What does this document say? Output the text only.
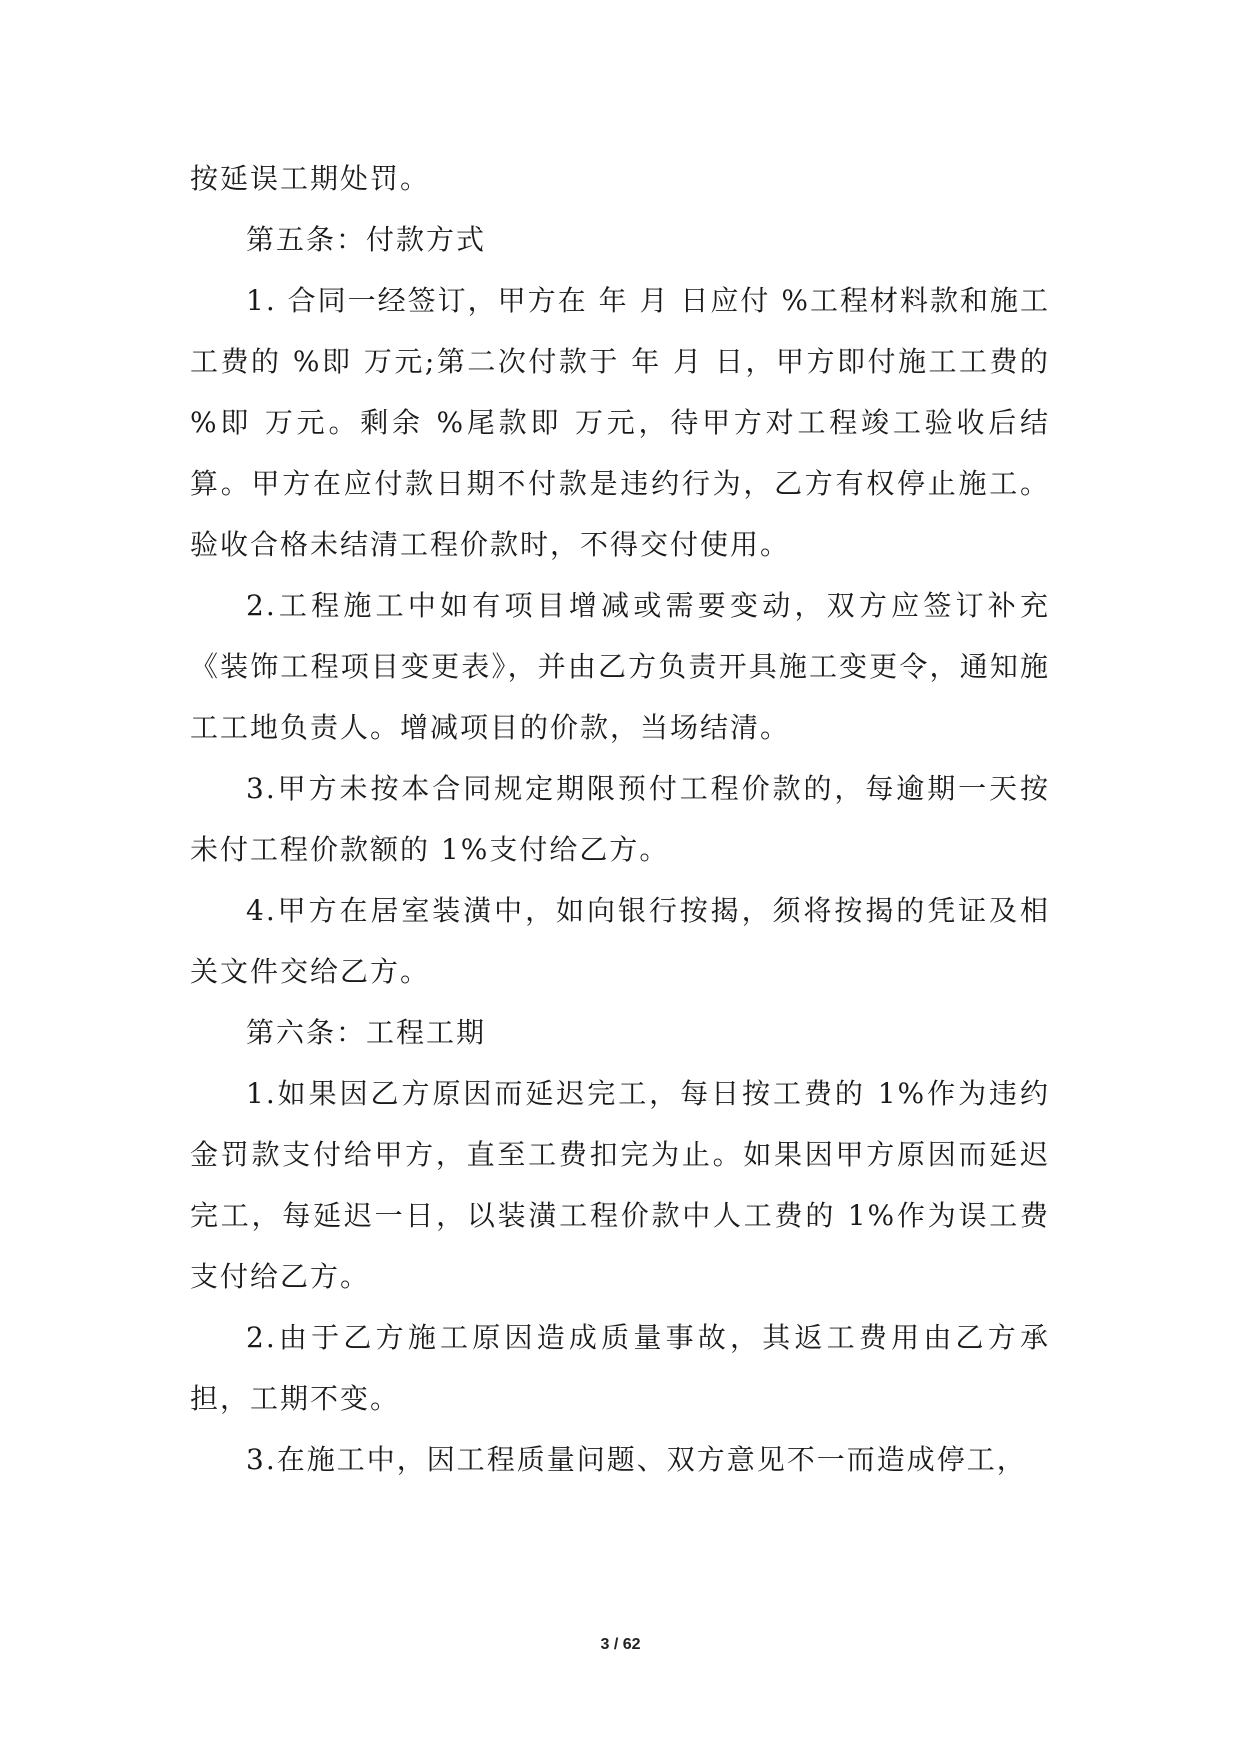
按延误工期处罚。

第五条：付款方式

1. 合同一经签订，甲方在 年 月 日应付 %工程材料款和施工工费的 %即 万元;第二次付款于 年 月 日，甲方即付施工工费的 %即 万元。剩余 %尾款即 万元，待甲方对工程竣工验收后结算。甲方在应付款日期不付款是违约行为，乙方有权停止施工。验收合格未结清工程价款时，不得交付使用。

2.工程施工中如有项目增减或需要变动，双方应签订补充《装饰工程项目变更表》，并由乙方负责开具施工变更令，通知施工工地负责人。增减项目的价款，当场结清。

3.甲方未按本合同规定期限预付工程价款的，每逾期一天按未付工程价款额的 1%支付给乙方。

4.甲方在居室装潢中，如向银行按揭，须将按揭的凭证及相关文件交给乙方。

第六条：工程工期

1.如果因乙方原因而延迟完工，每日按工费的 1%作为违约金罚款支付给甲方，直至工费扣完为止。如果因甲方原因而延迟完工，每延迟一日，以装潢工程价款中人工费的 1%作为误工费支付给乙方。

2.由于乙方施工原因造成质量事故，其返工费用由乙方承担，工期不变。

3.在施工中，因工程质量问题、双方意见不一而造成停工，

3 / 62
